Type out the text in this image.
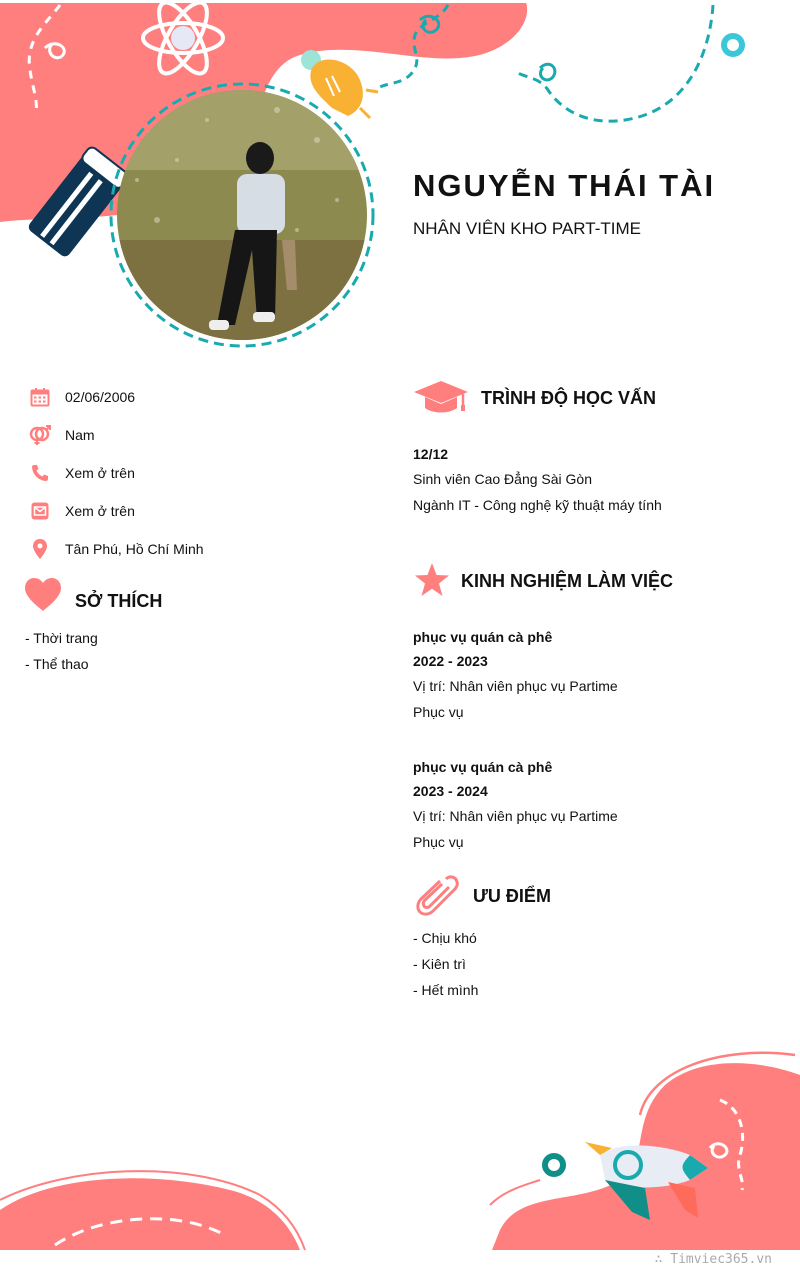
NGUYỄN THÁI TÀI
NHÂN VIÊN KHO PART-TIME
02/06/2006
Nam
Xem ở trên
Xem ở trên
Tân Phú, Hồ Chí Minh
SỞ THÍCH
- Thời trang
- Thể thao
TRÌNH ĐỘ HỌC VẤN
12/12
Sinh viên Cao Đẳng Sài Gòn
Ngành IT - Công nghệ kỹ thuật máy tính
KINH NGHIỆM LÀM VIỆC
phục vụ quán cà phê
2022 - 2023
Vị trí: Nhân viên phục vụ Partime
Phục vụ
phục vụ quán cà phê
2023 - 2024
Vị trí: Nhân viên phục vụ Partime
Phục vụ
ƯU ĐIỂM
- Chịu khó
- Kiên trì
- Hết mình
∴ Timviec365.vn
